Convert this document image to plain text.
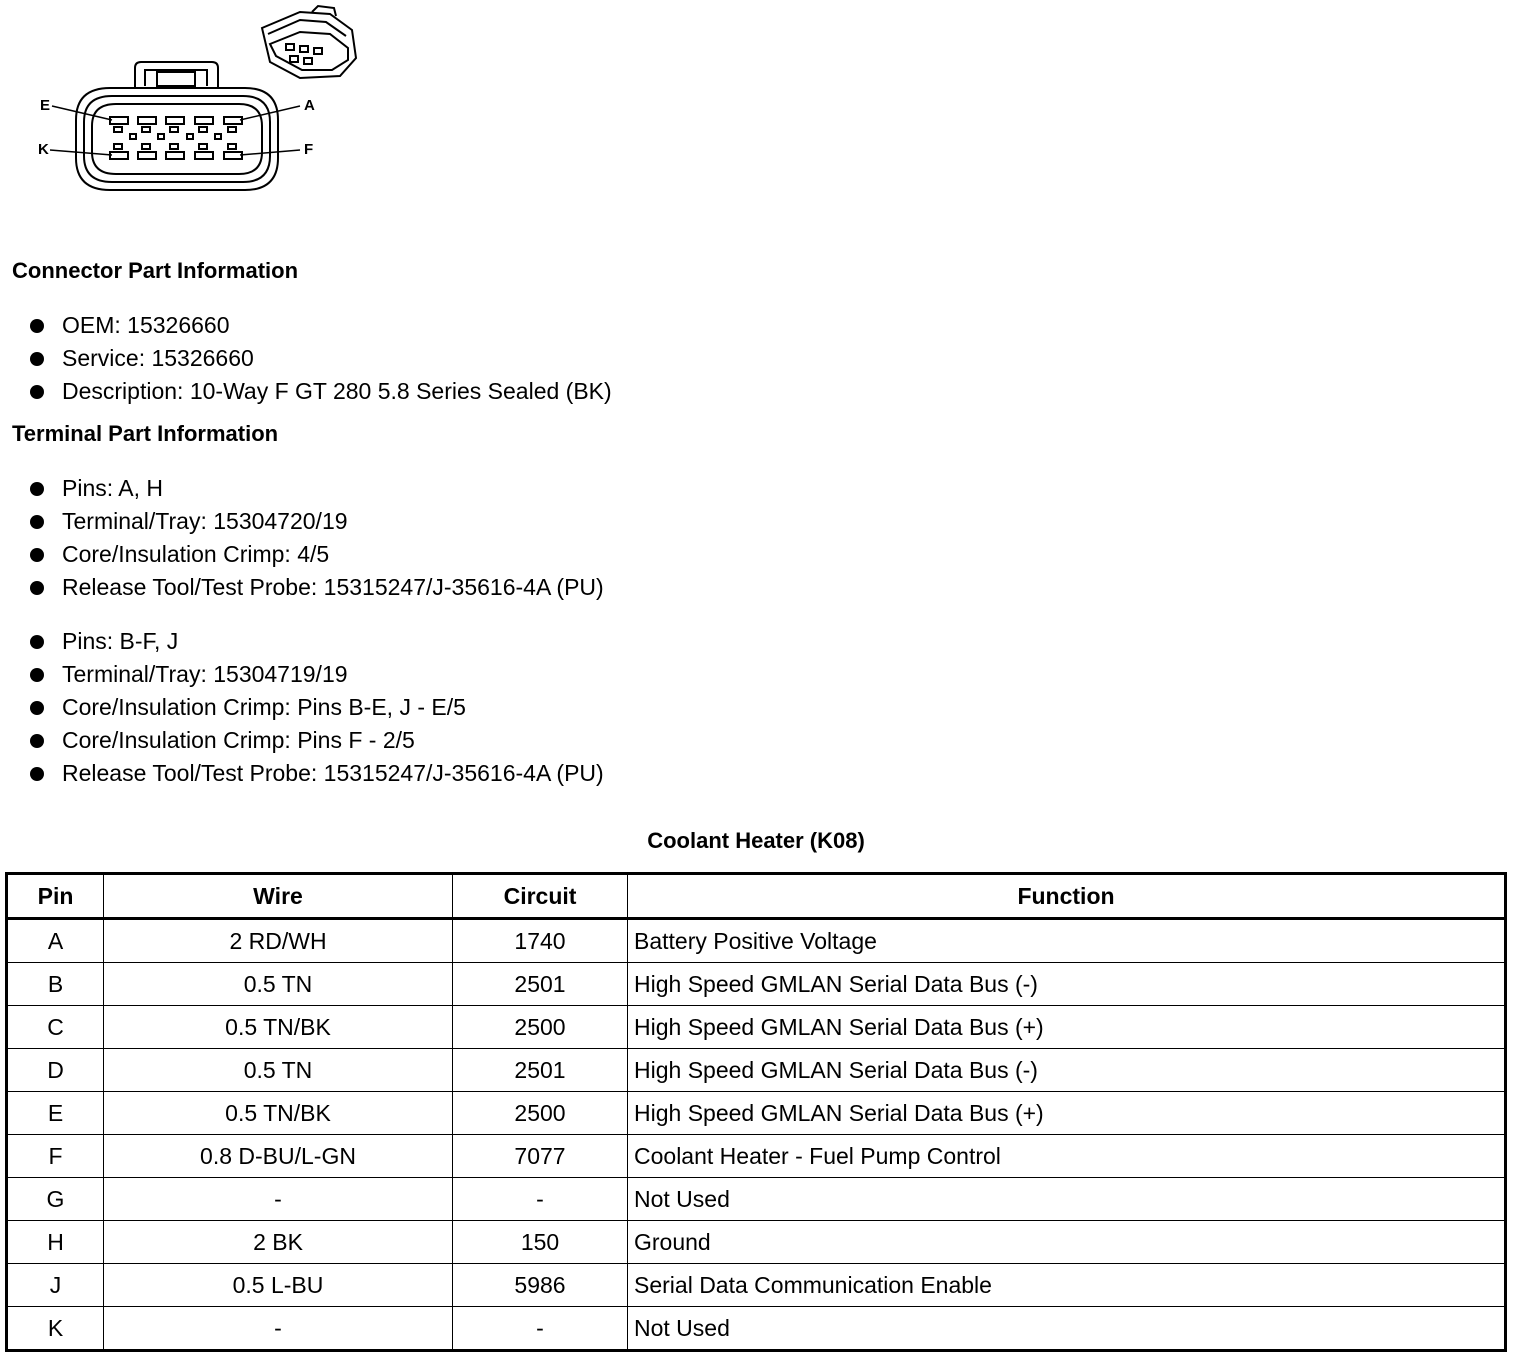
E	A
K	F
Connector Part Information
OEM: 15326660
Service: 15326660
Description: 10-Way F GT 280 5.8 Series Sealed (BK)
Terminal Part Information
Pins: A, H
Terminal/Tray: 15304720/19
Core/Insulation Crimp: 4/5
Release Tool/Test Probe: 15315247/J-35616-4A (PU)
Pins: B-F, J
Terminal/Tray: 15304719/19
Core/Insulation Crimp: Pins B-E, J - E/5
Core/Insulation Crimp: Pins F - 2/5
Release Tool/Test Probe: 15315247/J-35616-4A (PU)
Coolant Heater (K08)
Pin	Wire	Circuit	Function
A	2 RD/WH	1740	Battery Positive Voltage
B	0.5 TN	2501	High Speed GMLAN Serial Data Bus (-)
C	0.5 TN/BK	2500	High Speed GMLAN Serial Data Bus (+)
D	0.5 TN	2501	High Speed GMLAN Serial Data Bus (-)
E	0.5 TN/BK	2500	High Speed GMLAN Serial Data Bus (+)
F	0.8 D-BU/L-GN	7077	Coolant Heater - Fuel Pump Control
G	-	-	Not Used
H	2 BK	150	Ground
J	0.5 L-BU	5986	Serial Data Communication Enable
K	-	-	Not Used
